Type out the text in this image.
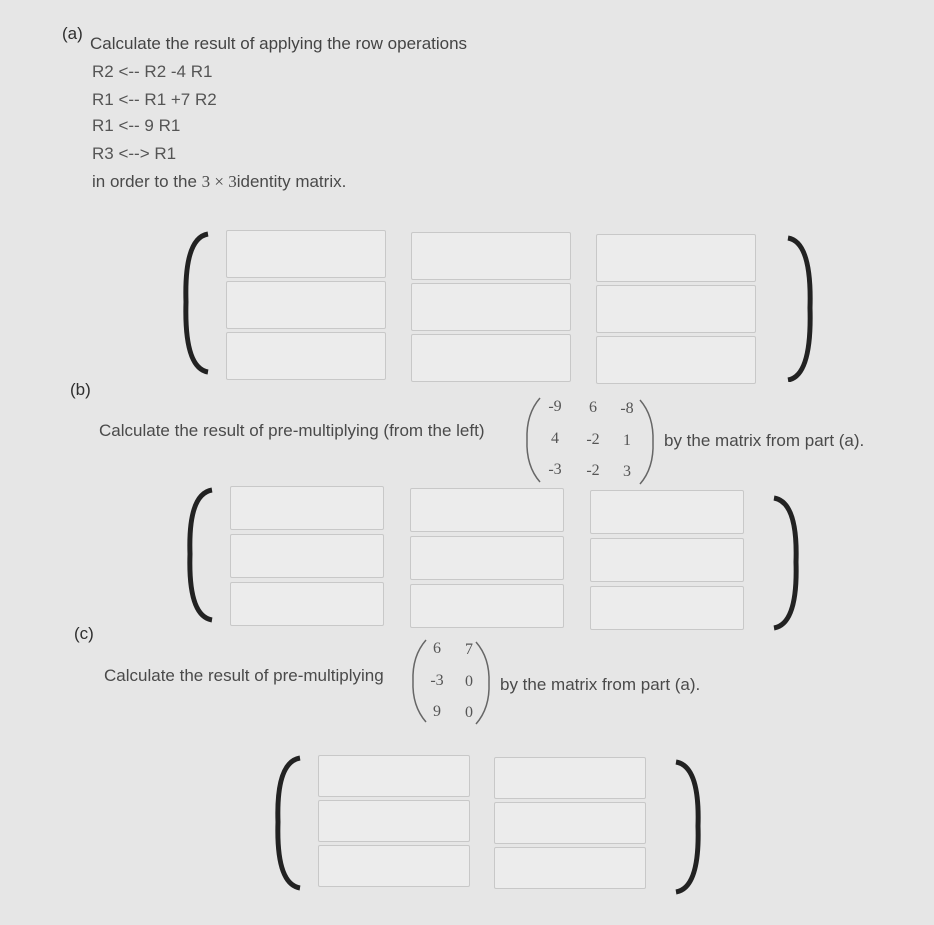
(a)
Calculate the result of applying the row operations
R2 <-- R2 -4 R1
R1 <-- R1 +7 R2
R1 <-- 9 R1
R3 <--> R1
in order to the 3 × 3identity matrix.
(b)
Calculate the result of pre-multiplying (from the left)
-9	6	-8
4	-2	1
-3	-2	3
by the matrix from part (a).
(c)
Calculate the result of pre-multiplying
6	7
-3	0
9	0
by the matrix from part (a).
